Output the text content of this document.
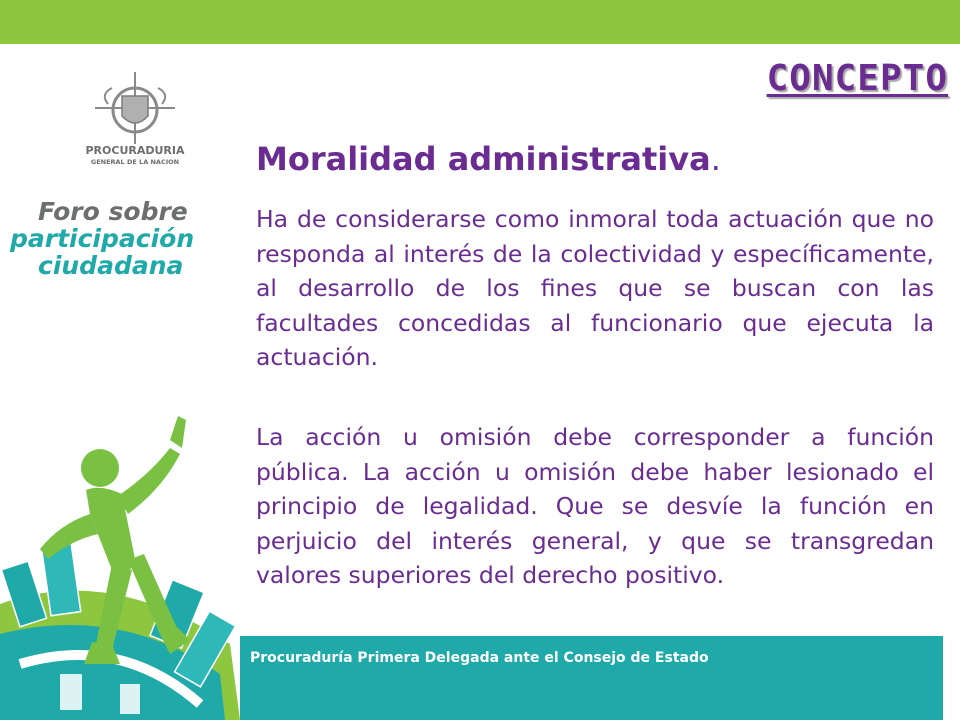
PROCURADURIA
GENERAL DE LA NACION
Foro sobre
participación
ciudadana
CONCEPTO
Moralidad administrativa.

Ha de considerarse como inmoral toda actuación que no responda al interés de la colectividad y específicamente, al desarrollo de los fines que se buscan con las facultades concedidas al funcionario que ejecuta la actuación.

La acción u omisión debe corresponder a función pública. La acción u omisión debe haber lesionado el principio de legalidad. Que se desvíe la función en perjuicio del interés general, y que se transgredan valores superiores del derecho positivo.

Procuraduría Primera Delegada ante el Consejo de Estado
